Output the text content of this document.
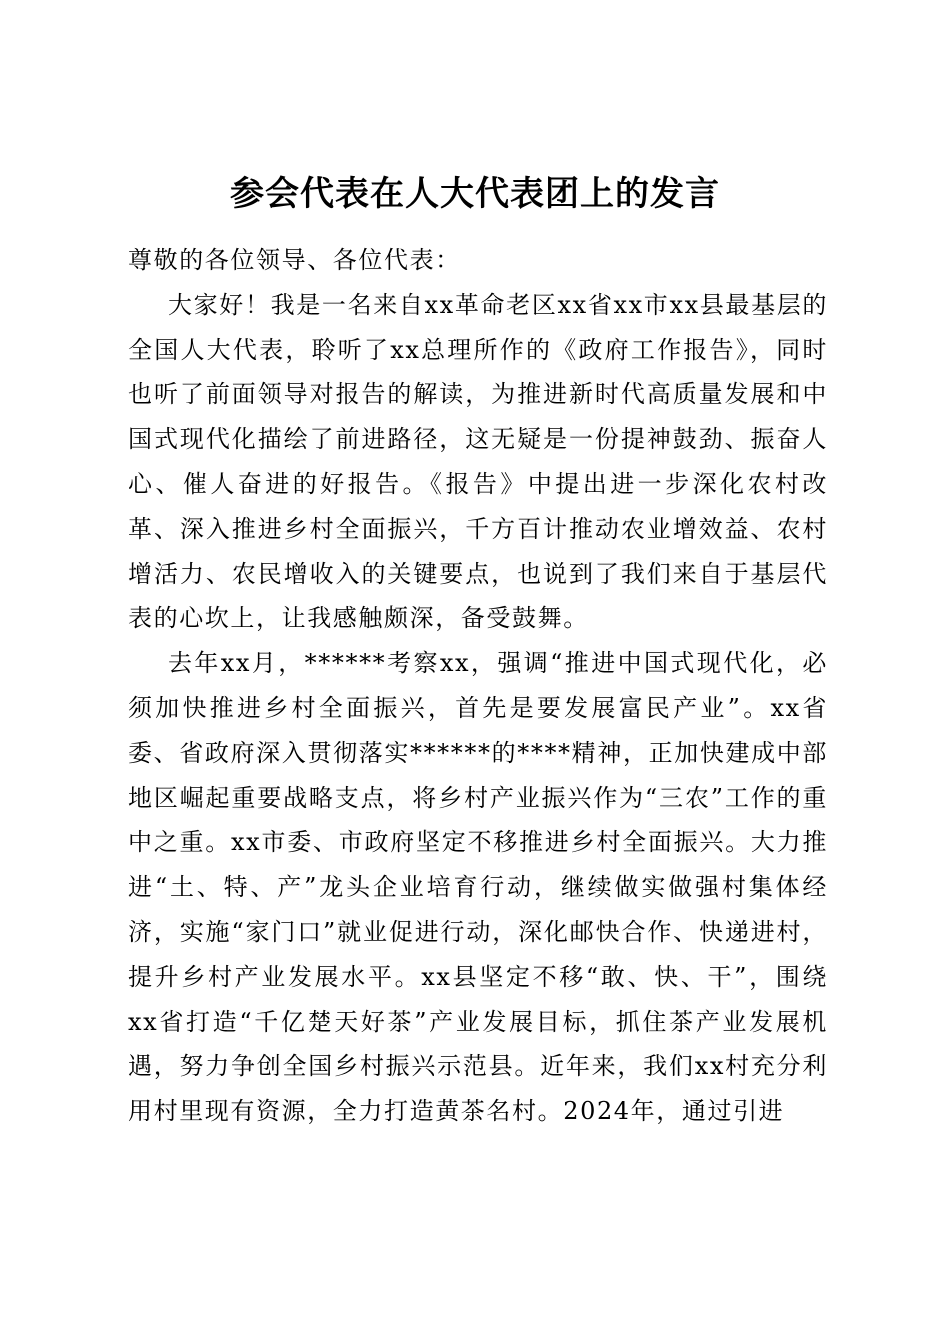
参会代表在人大代表团上的发言

尊敬的各位领导、各位代表：

大家好！我是一名来自xx革命老区xx省xx市xx县最基层的全国人大代表，聆听了xx总理所作的《政府工作报告》，同时也听了前面领导对报告的解读，为推进新时代高质量发展和中国式现代化描绘了前进路径，这无疑是一份提神鼓劲、振奋人心、催人奋进的好报告。《报告》中提出进一步深化农村改革、深入推进乡村全面振兴，千方百计推动农业增效益、农村增活力、农民增收入的关键要点，也说到了我们来自于基层代表的心坎上，让我感触颇深，备受鼓舞。

去年xx月，******考察xx，强调“推进中国式现代化，必须加快推进乡村全面振兴，首先是要发展富民产业”。xx省委、省政府深入贯彻落实******的****精神，正加快建成中部地区崛起重要战略支点，将乡村产业振兴作为“三农”工作的重中之重。xx市委、市政府坚定不移推进乡村全面振兴。大力推进“土、特、产”龙头企业培育行动，继续做实做强村集体经济，实施“家门口”就业促进行动，深化邮快合作、快递进村，提升乡村产业发展水平。xx县坚定不移“敢、快、干”，围绕xx省打造“千亿楚天好茶”产业发展目标，抓住茶产业发展机遇，努力争创全国乡村振兴示范县。近年来，我们xx村充分利用村里现有资源，全力打造黄茶名村。2024年，通过引进
